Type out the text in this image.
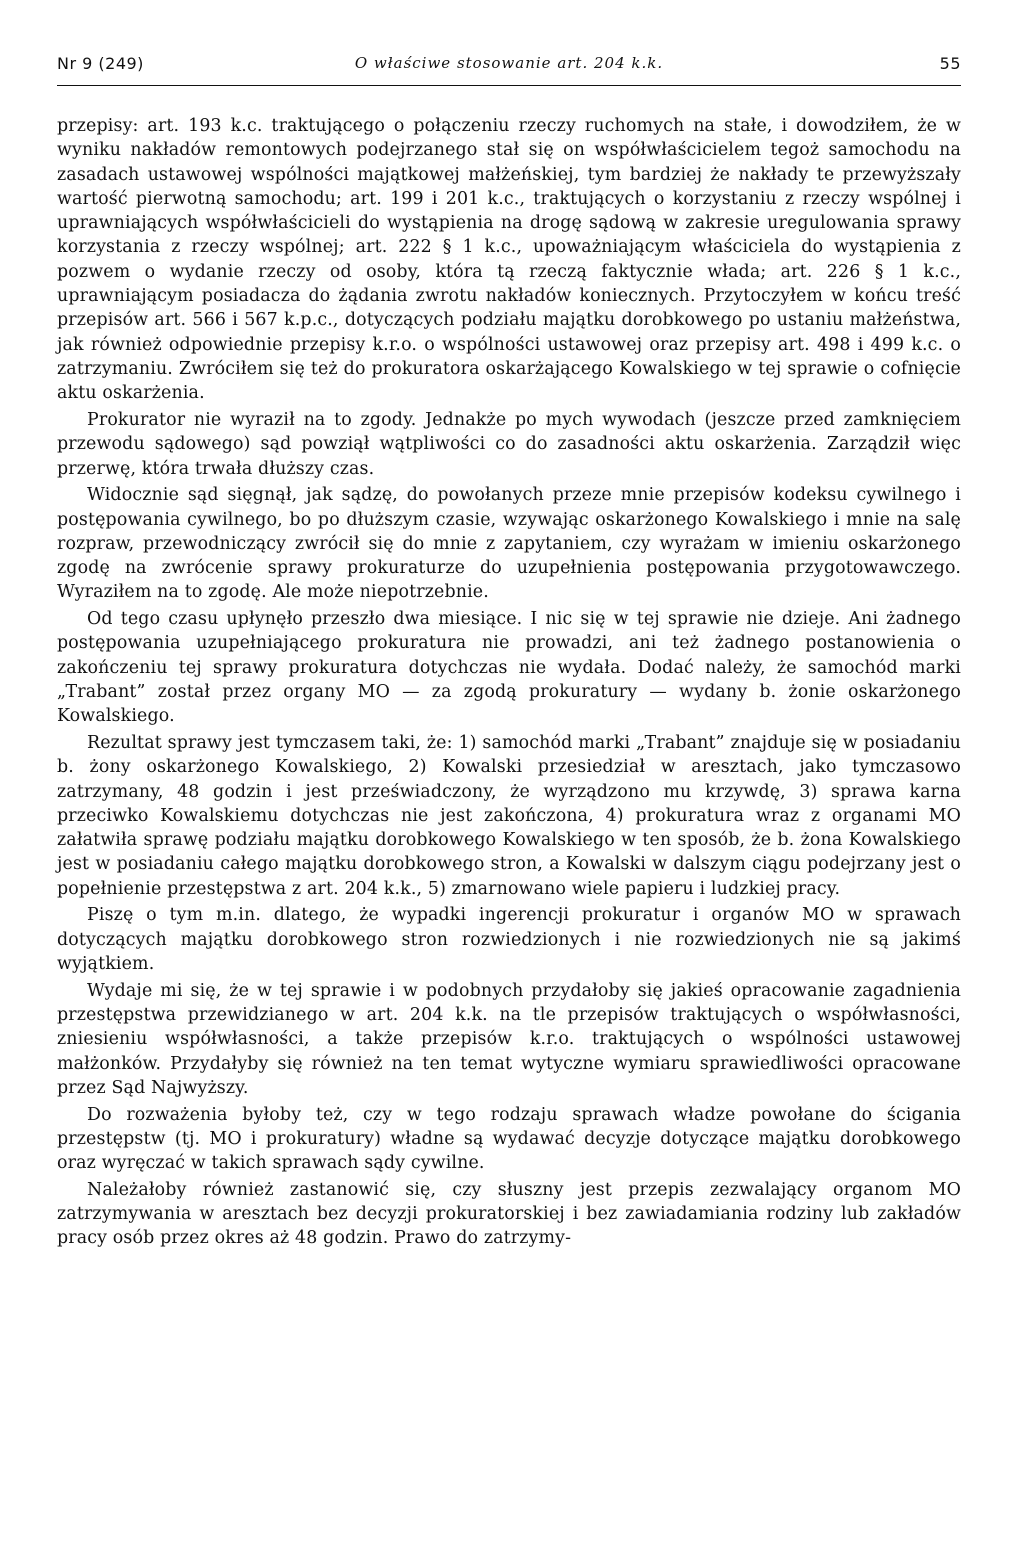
Nr 9 (249)	O właściwe stosowanie art. 204 k.k.	55

przepisy: art. 193 k.c. traktującego o połączeniu rzeczy ruchomych na stałe, i dowodziłem, że w wyniku nakładów remontowych podejrzanego stał się on współwłaścicielem tegoż samochodu na zasadach ustawowej wspólności majątkowej małżeńskiej, tym bardziej że nakłady te przewyższały wartość pierwotną samochodu; art. 199 i 201 k.c., traktujących o korzystaniu z rzeczy wspólnej i uprawniających współwłaścicieli do wystąpienia na drogę sądową w zakresie uregulowania sprawy korzystania z rzeczy wspólnej; art. 222 § 1 k.c., upoważniającym właściciela do wystąpienia z pozwem o wydanie rzeczy od osoby, która tą rzeczą faktycznie włada; art. 226 § 1 k.c., uprawniającym posiadacza do żądania zwrotu nakładów koniecznych. Przytoczyłem w końcu treść przepisów art. 566 i 567 k.p.c., dotyczących podziału majątku dorobkowego po ustaniu małżeństwa, jak również odpowiednie przepisy k.r.o. o wspólności ustawowej oraz przepisy art. 498 i 499 k.c. o zatrzymaniu. Zwróciłem się też do prokuratora oskarżającego Kowalskiego w tej sprawie o cofnięcie aktu oskarżenia.

Prokurator nie wyraził na to zgody. Jednakże po mych wywodach (jeszcze przed zamknięciem przewodu sądowego) sąd powziął wątpliwości co do zasadności aktu oskarżenia. Zarządził więc przerwę, która trwała dłuższy czas.

Widocznie sąd sięgnął, jak sądzę, do powołanych przeze mnie przepisów kodeksu cywilnego i postępowania cywilnego, bo po dłuższym czasie, wzywając oskarżonego Kowalskiego i mnie na salę rozpraw, przewodniczący zwrócił się do mnie z zapytaniem, czy wyrażam w imieniu oskarżonego zgodę na zwrócenie sprawy prokuraturze do uzupełnienia postępowania przygotowawczego. Wyraziłem na to zgodę. Ale może niepotrzebnie.

Od tego czasu upłynęło przeszło dwa miesiące. I nic się w tej sprawie nie dzieje. Ani żadnego postępowania uzupełniającego prokuratura nie prowadzi, ani też żadnego postanowienia o zakończeniu tej sprawy prokuratura dotychczas nie wydała. Dodać należy, że samochód marki „Trabant” został przez organy MO — za zgodą prokuratury — wydany b. żonie oskarżonego Kowalskiego.

Rezultat sprawy jest tymczasem taki, że: 1) samochód marki „Trabant” znajduje się w posiadaniu b. żony oskarżonego Kowalskiego, 2) Kowalski przesiedział w aresztach, jako tymczasowo zatrzymany, 48 godzin i jest przeświadczony, że wyrządzono mu krzywdę, 3) sprawa karna przeciwko Kowalskiemu dotychczas nie jest zakończona, 4) prokuratura wraz z organami MO załatwiła sprawę podziału majątku dorobkowego Kowalskiego w ten sposób, że b. żona Kowalskiego jest w posiadaniu całego majątku dorobkowego stron, a Kowalski w dalszym ciągu podejrzany jest o popełnienie przestępstwa z art. 204 k.k., 5) zmarnowano wiele papieru i ludzkiej pracy.

Piszę o tym m.in. dlatego, że wypadki ingerencji prokuratur i organów MO w sprawach dotyczących majątku dorobkowego stron rozwiedzionych i nie rozwiedzionych nie są jakimś wyjątkiem.

Wydaje mi się, że w tej sprawie i w podobnych przydałoby się jakieś opracowanie zagadnienia przestępstwa przewidzianego w art. 204 k.k. na tle przepisów traktujących o współwłasności, zniesieniu współwłasności, a także przepisów k.r.o. traktujących o wspólności ustawowej małżonków. Przydałyby się również na ten temat wytyczne wymiaru sprawiedliwości opracowane przez Sąd Najwyższy.

Do rozważenia byłoby też, czy w tego rodzaju sprawach władze powołane do ścigania przestępstw (tj. MO i prokuratury) władne są wydawać decyzje dotyczące majątku dorobkowego oraz wyręczać w takich sprawach sądy cywilne.

Należałoby również zastanowić się, czy słuszny jest przepis zezwalający organom MO zatrzymywania w aresztach bez decyzji prokuratorskiej i bez zawiadamiania rodziny lub zakładów pracy osób przez okres aż 48 godzin. Prawo do zatrzymy-
